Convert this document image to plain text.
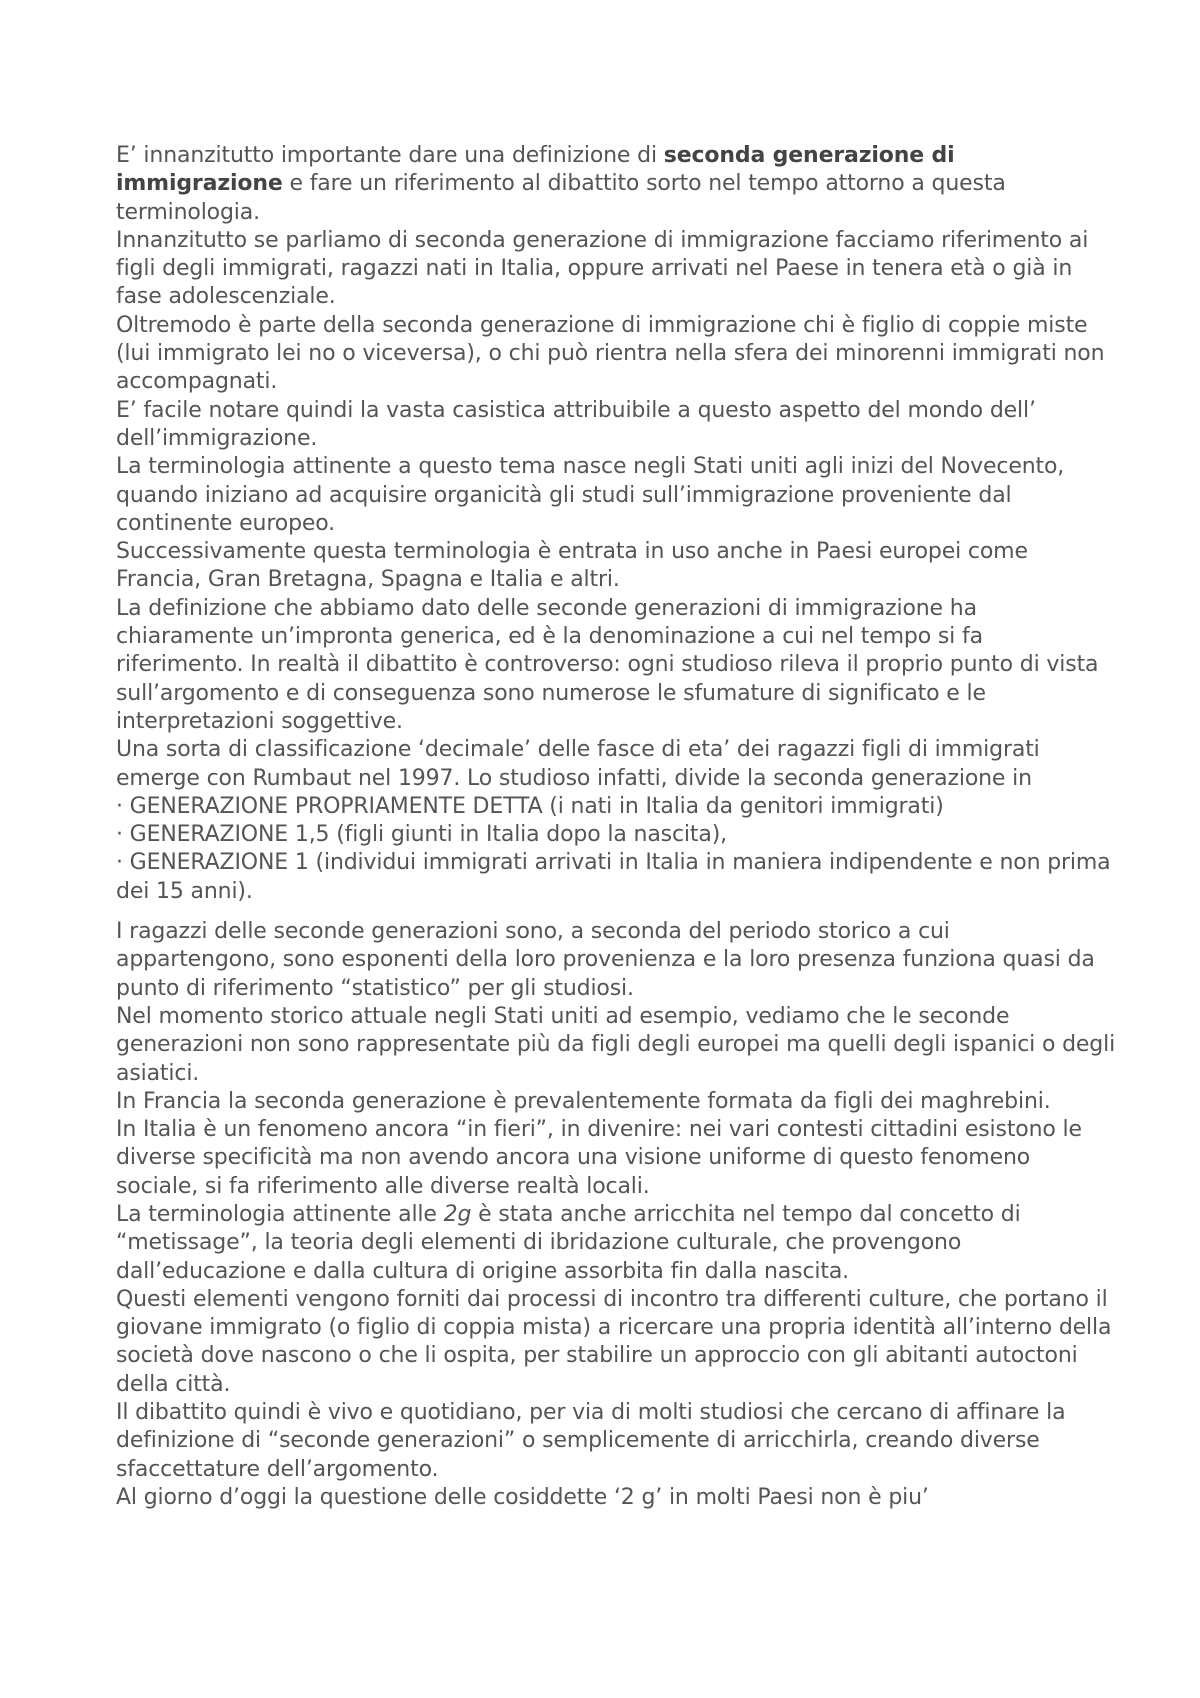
E’ innanzitutto importante dare una definizione di seconda generazione di immigrazione e fare un riferimento al dibattito sorto nel tempo attorno a questa terminologia.

Innanzitutto se parliamo di seconda generazione di immigrazione facciamo riferimento ai figli degli immigrati, ragazzi nati in Italia, oppure arrivati nel Paese in tenera età o già in fase adolescenziale.

Oltremodo è parte della seconda generazione di immigrazione chi è figlio di coppie miste (lui immigrato lei no o viceversa), o chi può rientra nella sfera dei minorenni immigrati non accompagnati.

E’ facile notare quindi la vasta casistica attribuibile a questo aspetto del mondo dell’ dell’immigrazione.

La terminologia attinente a questo tema nasce negli Stati uniti agli inizi del Novecento, quando iniziano ad acquisire organicità gli studi sull’immigrazione proveniente dal continente europeo.

Successivamente questa terminologia è entrata in uso anche in Paesi europei come Francia, Gran Bretagna, Spagna e Italia e altri.

La definizione che abbiamo dato delle seconde generazioni di immigrazione ha chiaramente un’impronta generica, ed è la denominazione a cui nel tempo si fa riferimento. In realtà il dibattito è controverso: ogni studioso rileva il proprio punto di vista sull’argomento e di conseguenza sono numerose le sfumature di significato e le interpretazioni soggettive.

Una sorta di classificazione ‘decimale’ delle fasce di eta’ dei ragazzi figli di immigrati emerge con Rumbaut nel 1997. Lo studioso infatti, divide la seconda generazione in

· GENERAZIONE PROPRIAMENTE DETTA (i nati in Italia da genitori immigrati)

· GENERAZIONE 1,5 (figli giunti in Italia dopo la nascita),

· GENERAZIONE 1 (individui immigrati arrivati in Italia in maniera indipendente e non prima dei 15 anni).

I ragazzi delle seconde generazioni sono, a seconda del periodo storico a cui appartengono, sono esponenti della loro provenienza e la loro presenza funziona quasi da punto di riferimento “statistico” per gli studiosi.

Nel momento storico attuale negli Stati uniti ad esempio, vediamo che le seconde generazioni non sono rappresentate più da figli degli europei ma quelli degli ispanici o degli asiatici.

In Francia la seconda generazione è prevalentemente formata da figli dei maghrebini.

In Italia è un fenomeno ancora “in fieri”, in divenire: nei vari contesti cittadini esistono le diverse specificità ma non avendo ancora una visione uniforme di questo fenomeno sociale, si fa riferimento alle diverse realtà locali.

La terminologia attinente alle 2g è stata anche arricchita nel tempo dal concetto di “metissage”, la teoria degli elementi di ibridazione culturale, che provengono dall’educazione e dalla cultura di origine assorbita fin dalla nascita.

Questi elementi vengono forniti dai processi di incontro tra differenti culture, che portano il giovane immigrato (o figlio di coppia mista) a ricercare una propria identità all’interno della società dove nascono o che li ospita, per stabilire un approccio con gli abitanti autoctoni della città.

Il dibattito quindi è vivo e quotidiano, per via di molti studiosi che cercano di affinare la definizione di “seconde generazioni” o semplicemente di arricchirla, creando diverse sfaccettature dell’argomento.

Al giorno d’oggi la questione delle cosiddette ‘2 g’ in molti Paesi non è piu’
